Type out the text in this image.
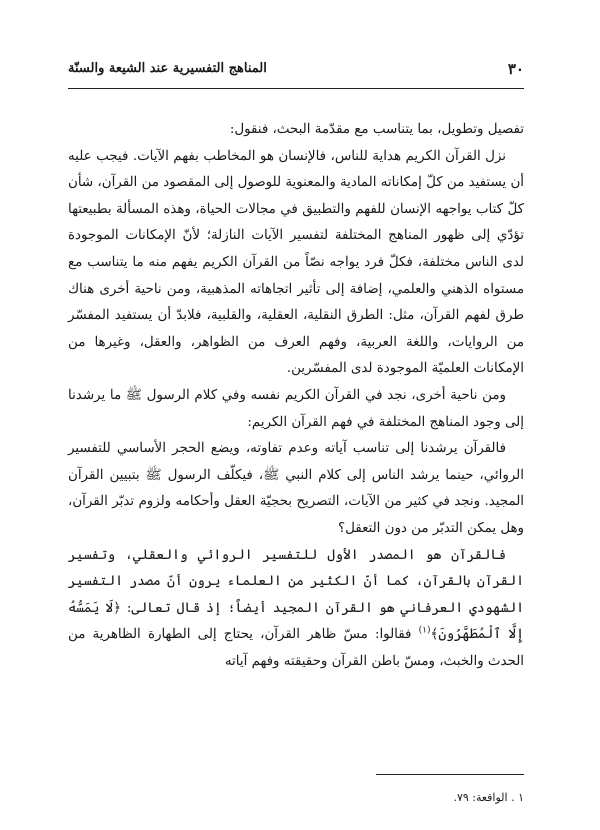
٣٠
المناهج التفسيرية عند الشيعة والسنّة

تفصيل وتطويل، بما يتناسب مع مقدّمة البحث، فنقول:

نزل القرآن الكريم هداية للناس، فالإنسان هو المخاطب بفهم الآيات. فيجب عليه أن يستفيد من كلّ إمكاناته المادية والمعنوية للوصول إلى المقصود من القرآن، شأن كلّ كتاب يواجهه الإنسان للفهم والتطبيق في مجالات الحياة، وهذه المسألة بطبيعتها تؤدّي إلى ظهور المناهج المختلفة لتفسير الآيات النازلة؛ لأنّ الإمكانات الموجودة لدى الناس مختلفة، فكلّ فرد يواجه نصّاً من القرآن الكريم يفهم منه ما يتناسب مع مستواه الذهني والعلمي، إضافة إلى تأثير اتجاهاته المذهبية، ومن ناحية أخرى هناك طرق لفهم القرآن، مثل: الطرق النقلية، العقلية، والقلبية، فلابدّ أن يستفيد المفسّر من الروايات، واللغة العربية، وفهم العرف من الظواهر، والعقل، وغيرها من الإمكانات العلميّة الموجودة لدى المفسّرين.

ومن ناحية أخرى، نجد في القرآن الكريم نفسه وفي كلام الرسول ﷺ ما يرشدنا إلى وجود المناهج المختلفة في فهم القرآن الكريم:

فالقرآن يرشدنا إلى تناسب آياته وعدم تفاوته، ويضع الحجر الأساسي للتفسير الروائي، حينما يرشد الناس إلى كلام النبي ﷺ، فيكلّف الرسول ﷺ بتبيين القرآن المجيد. ونجد في كثير من الآيات، التصريح بحجيّة العقل وأحكامه ولزوم تدبّر القرآن، وهل يمكن التدبّر من دون التعقل؟

فالقرآن هو المصدر الأول للتفسير الروائي والعقلي، وتفسير القرآن بالقرآن، كما أنّ الكثير من العلماء يرون أنّ مصدر التفسير الشهودي العرفاني هو القرآن المجيد أيضاً؛ إذ قال تعالى: ﴿لَا يَمَسُّهُ إِلَّا ٱلْمُطَهَّرُونَ﴾$^{(١)}$ فقالوا: مسّ ظاهر القرآن، يحتاج إلى الطهارة الظاهرية من الحدث والخبث، ومسّ باطن القرآن وحقيقته وفهم آياته

١ . الواقعة: ٧٩.
